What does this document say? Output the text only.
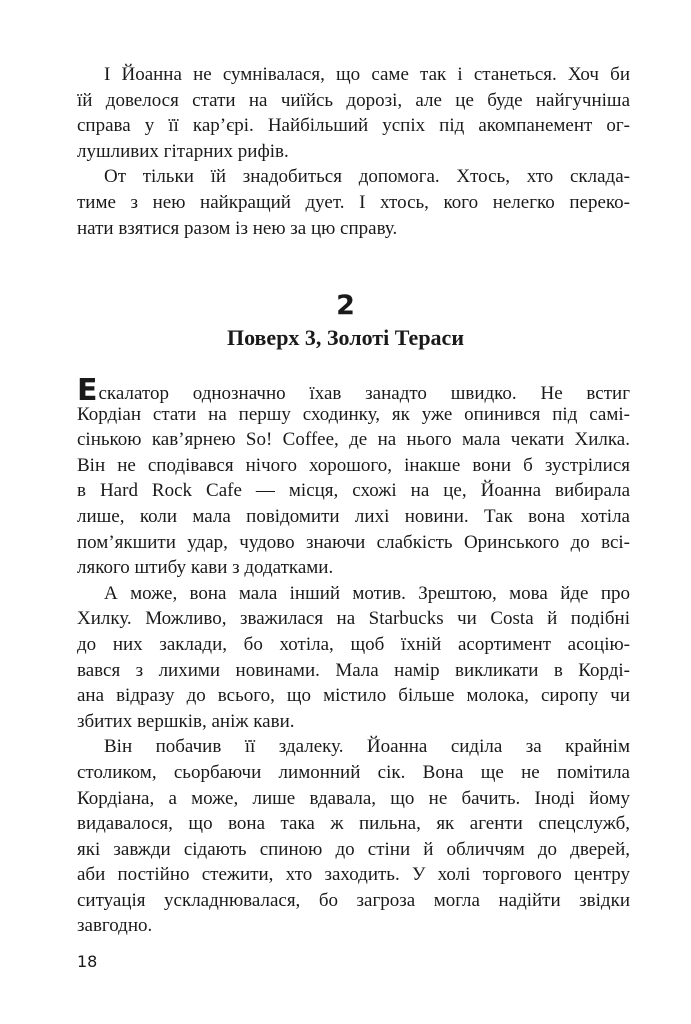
І Йоанна не сумнівалася, що саме так і станеться. Хоч би
їй довелося стати на чиїйсь дорозі, але це буде найгучніша
справа у її кар’єрі. Найбільший успіх під акомпанемент ог-
лушливих гітарних рифів.
От тільки їй знадобиться допомога. Хтось, хто склада-
тиме з нею найкращий дует. І хтось, кого нелегко переко-
нати взятися разом із нею за цю справу.
2
Поверх 3, Золоті Тераси
Ескалатор однозначно їхав занадто швидко. Не встиг
Кордіан стати на першу сходинку, як уже опинився під самі-
сінькою кав’ярнею So! Coffee, де на нього мала чекати Хилка.
Він не сподівався нічого хорошого, інакше вони б зустрілися
в Hard Rock Cafe — місця, схожі на це, Йоанна вибирала
лише, коли мала повідомити лихі новини. Так вона хотіла
пом’якшити удар, чудово знаючи слабкість Оринського до всі-
лякого штибу кави з додатками.
А може, вона мала інший мотив. Зрештою, мова йде про
Хилку. Можливо, зважилася на Starbucks чи Costa й подібні
до них заклади, бо хотіла, щоб їхній асортимент асоцію-
вався з лихими новинами. Мала намір викликати в Корді-
ана відразу до всього, що містило більше молока, сиропу чи
збитих вершків, аніж кави.
Він побачив її здалеку. Йоанна сиділа за крайнім
столиком, сьорбаючи лимонний сік. Вона ще не помітила
Кордіана, а може, лише вдавала, що не бачить. Іноді йому
видавалося, що вона така ж пильна, як агенти спецслужб,
які завжди сідають спиною до стіни й обличчям до дверей,
аби постійно стежити, хто заходить. У холі торгового центру
ситуація ускладнювалася, бо загроза могла надійти звідки
завгодно.
18
